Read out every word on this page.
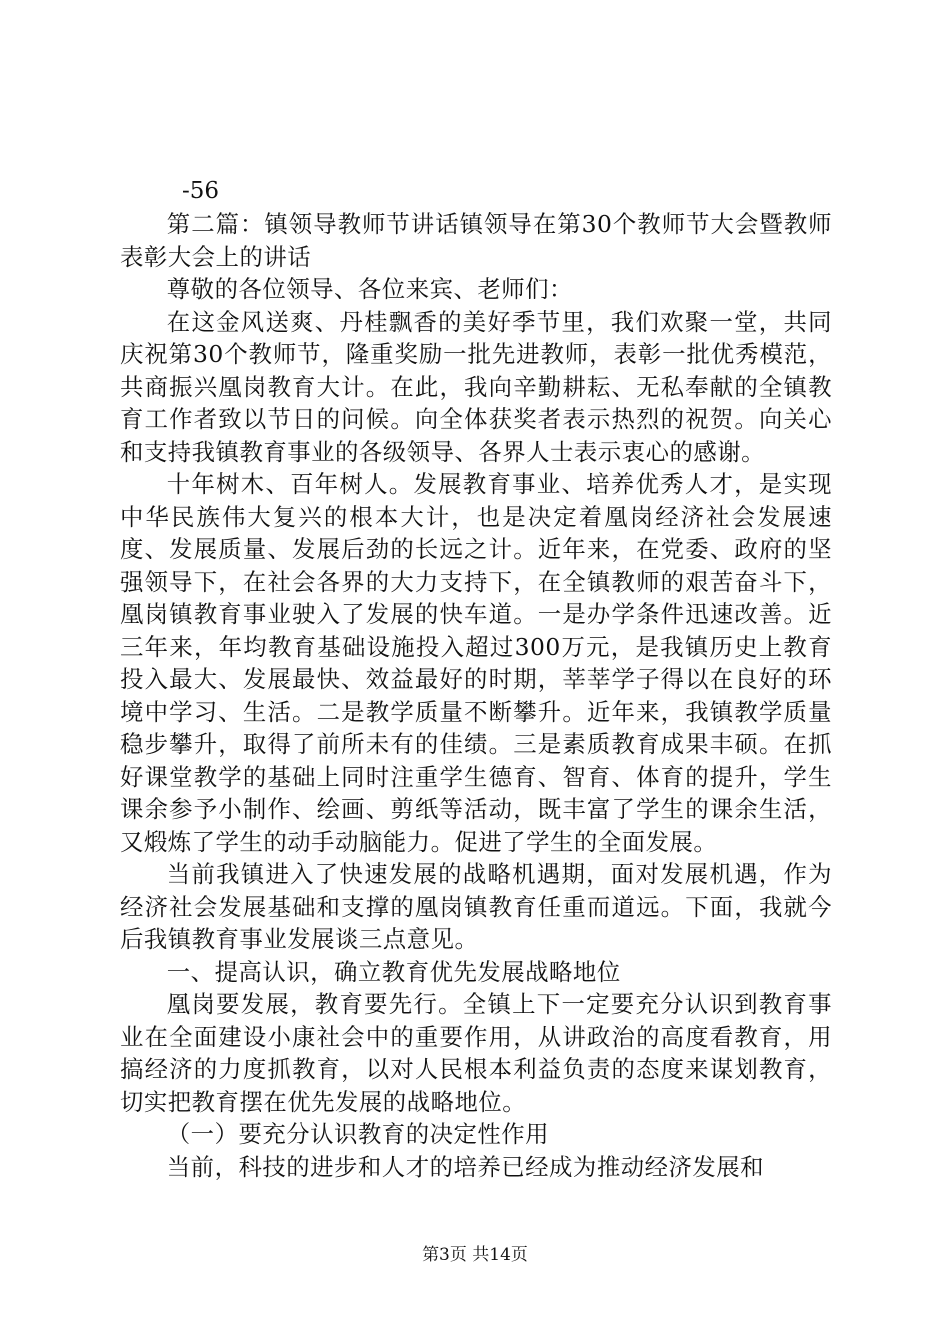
-56

第二篇：镇领导教师节讲话镇领导在第30个教师节大会暨教师表彰大会上的讲话

尊敬的各位领导、各位来宾、老师们：

在这金风送爽、丹桂飘香的美好季节里，我们欢聚一堂，共同庆祝第30个教师节，隆重奖励一批先进教师，表彰一批优秀模范，共商振兴凰岗教育大计。在此，我向辛勤耕耘、无私奉献的全镇教育工作者致以节日的问候。向全体获奖者表示热烈的祝贺。向关心和支持我镇教育事业的各级领导、各界人士表示衷心的感谢。

十年树木、百年树人。发展教育事业、培养优秀人才，是实现中华民族伟大复兴的根本大计，也是决定着凰岗经济社会发展速度、发展质量、发展后劲的长远之计。近年来，在党委、政府的坚强领导下，在社会各界的大力支持下，在全镇教师的艰苦奋斗下，凰岗镇教育事业驶入了发展的快车道。一是办学条件迅速改善。近三年来，年均教育基础设施投入超过300万元，是我镇历史上教育投入最大、发展最快、效益最好的时期，莘莘学子得以在良好的环境中学习、生活。二是教学质量不断攀升。近年来，我镇教学质量稳步攀升，取得了前所未有的佳绩。三是素质教育成果丰硕。在抓好课堂教学的基础上同时注重学生德育、智育、体育的提升，学生课余参予小制作、绘画、剪纸等活动，既丰富了学生的课余生活，又煅炼了学生的动手动脑能力。促进了学生的全面发展。

当前我镇进入了快速发展的战略机遇期，面对发展机遇，作为经济社会发展基础和支撑的凰岗镇教育任重而道远。下面，我就今后我镇教育事业发展谈三点意见。

一、提高认识，确立教育优先发展战略地位

凰岗要发展，教育要先行。全镇上下一定要充分认识到教育事业在全面建设小康社会中的重要作用，从讲政治的高度看教育，用搞经济的力度抓教育，以对人民根本利益负责的态度来谋划教育，切实把教育摆在优先发展的战略地位。

（一）要充分认识教育的决定性作用

当前，科技的进步和人才的培养已经成为推动经济发展和

第3页 共14页
